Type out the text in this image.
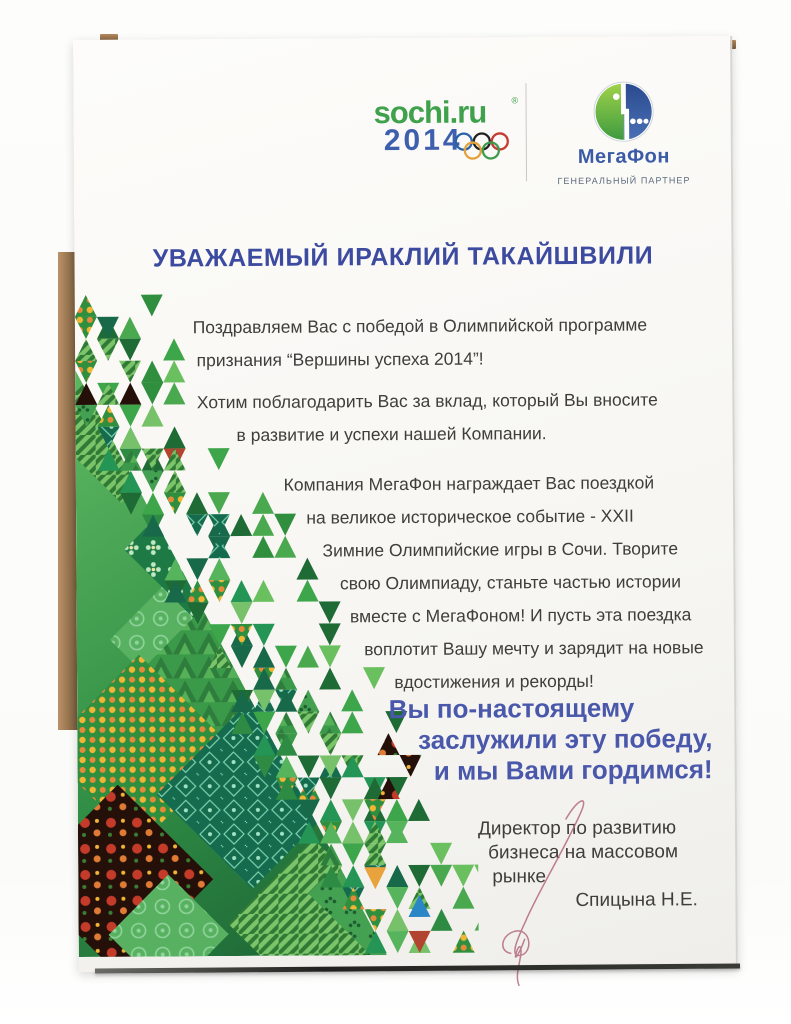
sochi.ru	®
2014	МегаФон
ГЕНЕРАЛЬНЫЙ ПАРТНЕР
УВАЖАЕМЫЙ ИРАКЛИЙ ТАКАЙШВИЛИ
Поздравляем Вас с победой в Олимпийской программе
признания “Вершины успеха 2014”!
Хотим поблагодарить Вас за вклад, который Вы вносите
в развитие и успехи нашей Компании.
Компания МегаФон награждает Вас поездкой
на великое историческое событие - XXII
Зимние Олимпийские игры в Сочи. Творите
свою Олимпиаду, станьте частью истории
вместе с МегаФоном! И пусть эта поездка
воплотит Вашу мечту и зарядит на новые
вдостижения и рекорды!
Вы по-настоящему
заслужили эту победу,
и мы Вами гордимся!
Директор по развитию
бизнеса на массовом
рынке
Спицына Н.Е.
